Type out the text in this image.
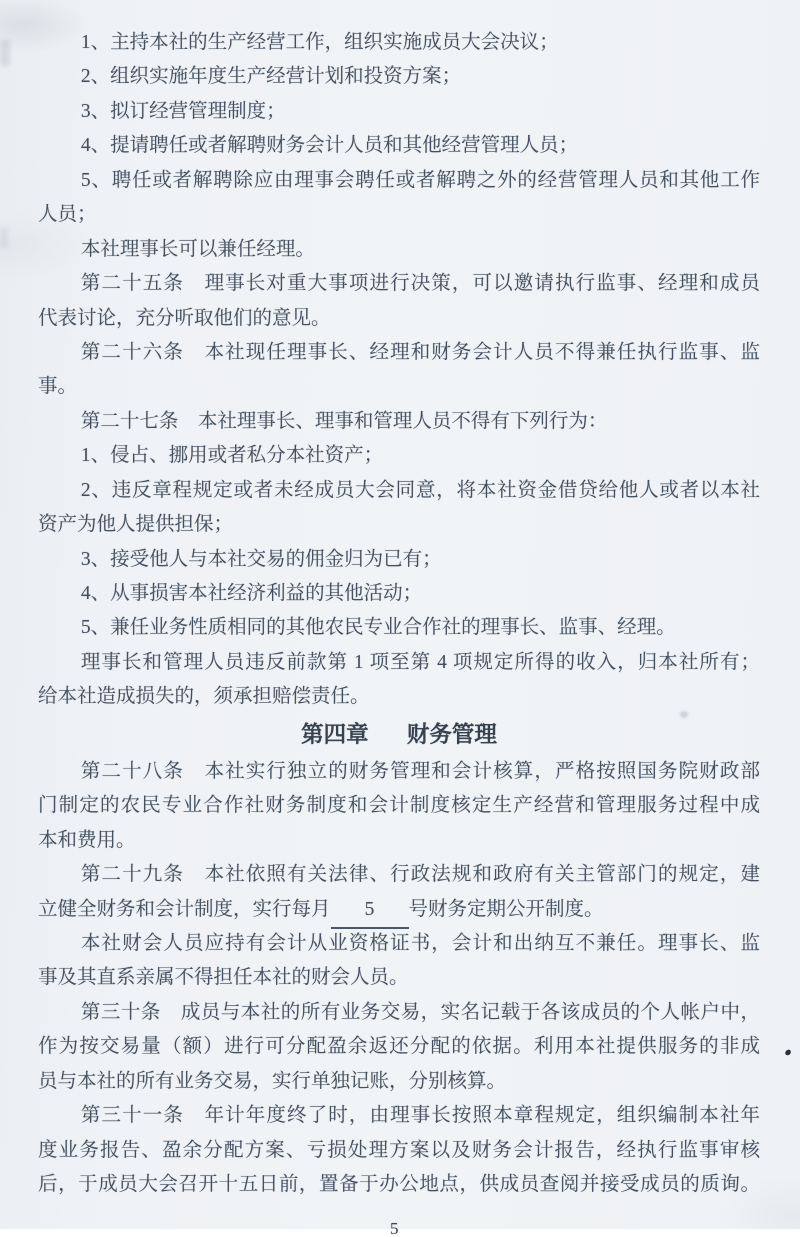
1、主持本社的生产经营工作，组织实施成员大会决议；
2、组织实施年度生产经营计划和投资方案；
3、拟订经营管理制度；
4、提请聘任或者解聘财务会计人员和其他经营管理人员；
5、聘任或者解聘除应由理事会聘任或者解聘之外的经营管理人员和其他工作
人员；
本社理事长可以兼任经理。
第二十五条　理事长对重大事项进行决策，可以邀请执行监事、经理和成员
代表讨论，充分听取他们的意见。
第二十六条　本社现任理事长、经理和财务会计人员不得兼任执行监事、监
事。
第二十七条　本社理事长、理事和管理人员不得有下列行为：
1、侵占、挪用或者私分本社资产；
2、违反章程规定或者未经成员大会同意，将本社资金借贷给他人或者以本社
资产为他人提供担保；
3、接受他人与本社交易的佣金归为已有；
4、从事损害本社经济利益的其他活动；
5、兼任业务性质相同的其他农民专业合作社的理事长、监事、经理。
理事长和管理人员违反前款第 1 项至第 4 项规定所得的收入，归本社所有；
给本社造成损失的，须承担赔偿责任。
第四章 财务管理
第二十八条　本社实行独立的财务管理和会计核算，严格按照国务院财政部
门制定的农民专业合作社财务制度和会计制度核定生产经营和管理服务过程中成
本和费用。
第二十九条　本社依照有关法律、行政法规和政府有关主管部门的规定，建
立健全财务和会计制度，实行每月 5 号财务定期公开制度。
本社财会人员应持有会计从业资格证书，会计和出纳互不兼任。理事长、监
事及其直系亲属不得担任本社的财会人员。
第三十条　成员与本社的所有业务交易，实名记载于各该成员的个人帐户中，
作为按交易量（额）进行可分配盈余返还分配的依据。利用本社提供服务的非成
员与本社的所有业务交易，实行单独记账，分别核算。
第三十一条　年计年度终了时，由理事长按照本章程规定，组织编制本社年
度业务报告、盈余分配方案、亏损处理方案以及财务会计报告，经执行监事审核
后，于成员大会召开十五日前，置备于办公地点，供成员查阅并接受成员的质询。
5
